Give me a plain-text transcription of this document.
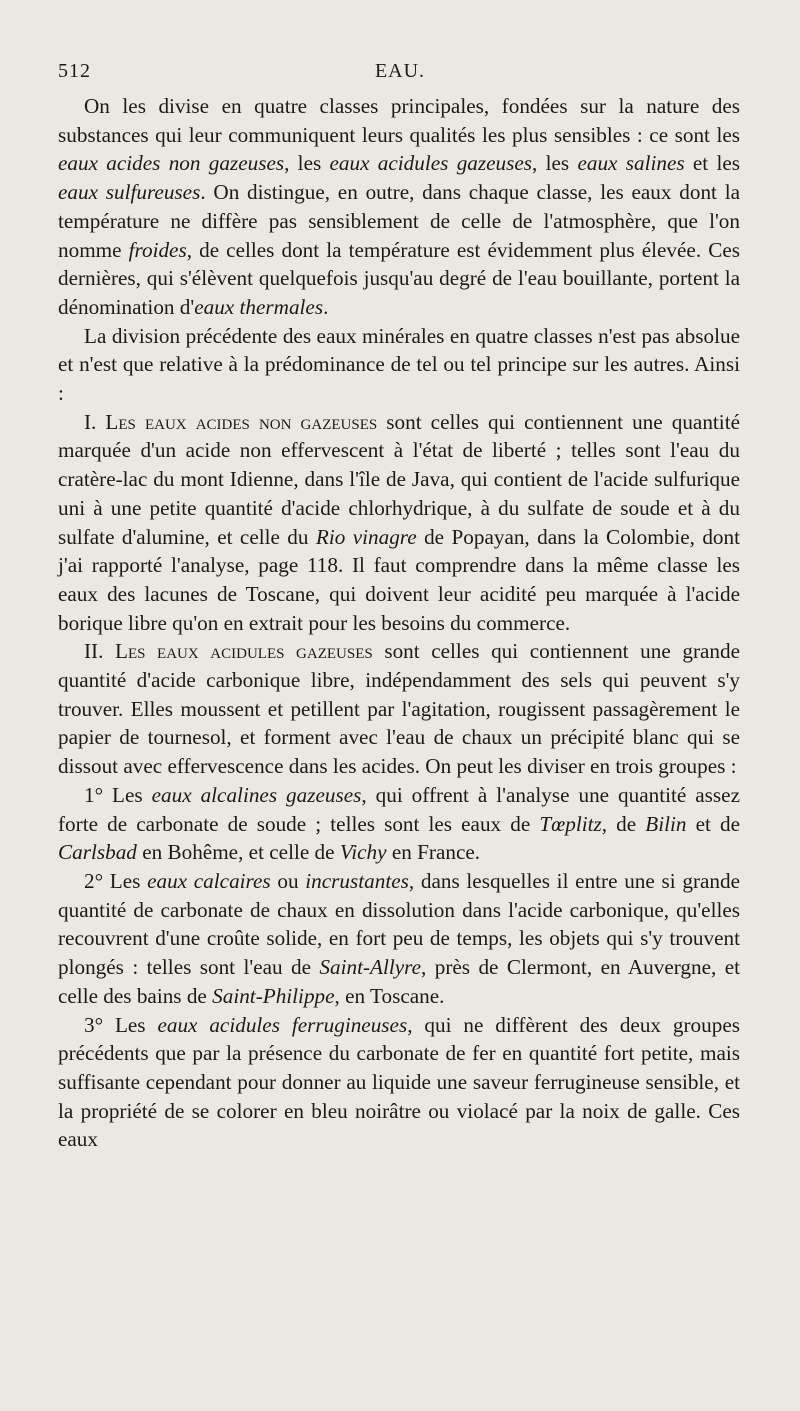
512	EAU.

On les divise en quatre classes principales, fondées sur la nature des substances qui leur communiquent leurs qualités les plus sensibles : ce sont les eaux acides non gazeuses, les eaux acidules gazeuses, les eaux salines et les eaux sulfureuses. On distingue, en outre, dans chaque classe, les eaux dont la température ne diffère pas sensiblement de celle de l'atmosphère, que l'on nomme froides, de celles dont la température est évidemment plus élevée. Ces dernières, qui s'élèvent quelquefois jusqu'au degré de l'eau bouillante, portent la dénomination d'eaux thermales.

La division précédente des eaux minérales en quatre classes n'est pas absolue et n'est que relative à la prédominance de tel ou tel principe sur les autres. Ainsi :

I. Les eaux acides non gazeuses sont celles qui contiennent une quantité marquée d'un acide non effervescent à l'état de liberté ; telles sont l'eau du cratère-lac du mont Idienne, dans l'île de Java, qui contient de l'acide sulfurique uni à une petite quantité d'acide chlorhydrique, à du sulfate de soude et à du sulfate d'alumine, et celle du Rio vinagre de Popayan, dans la Colombie, dont j'ai rapporté l'analyse, page 118. Il faut comprendre dans la même classe les eaux des lacunes de Toscane, qui doivent leur acidité peu marquée à l'acide borique libre qu'on en extrait pour les besoins du commerce.

II. Les eaux acidules gazeuses sont celles qui contiennent une grande quantité d'acide carbonique libre, indépendamment des sels qui peuvent s'y trouver. Elles moussent et petillent par l'agitation, rougissent passagèrement le papier de tournesol, et forment avec l'eau de chaux un précipité blanc qui se dissout avec effervescence dans les acides. On peut les diviser en trois groupes :

1° Les eaux alcalines gazeuses, qui offrent à l'analyse une quantité assez forte de carbonate de soude ; telles sont les eaux de Tœplitz, de Bilin et de Carlsbad en Bohême, et celle de Vichy en France.

2° Les eaux calcaires ou incrustantes, dans lesquelles il entre une si grande quantité de carbonate de chaux en dissolution dans l'acide carbonique, qu'elles recouvrent d'une croûte solide, en fort peu de temps, les objets qui s'y trouvent plongés : telles sont l'eau de Saint-Allyre, près de Clermont, en Auvergne, et celle des bains de Saint-Philippe, en Toscane.

3° Les eaux acidules ferrugineuses, qui ne diffèrent des deux groupes précédents que par la présence du carbonate de fer en quantité fort petite, mais suffisante cependant pour donner au liquide une saveur ferrugineuse sensible, et la propriété de se colorer en bleu noirâtre ou violacé par la noix de galle. Ces eaux
